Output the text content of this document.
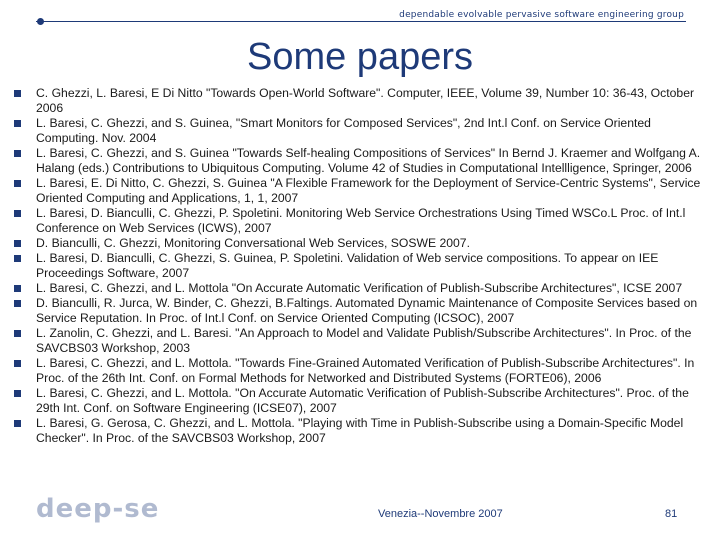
dependable evolvable pervasive software engineering group
Some papers
C. Ghezzi, L. Baresi, E Di Nitto "Towards Open-World Software". Computer, IEEE, Volume 39, Number 10: 36-43, October 2006
L. Baresi, C. Ghezzi, and S. Guinea, "Smart Monitors for Composed Services", 2nd Int.l Conf. on Service Oriented Computing. Nov. 2004
L. Baresi, C. Ghezzi, and S. Guinea "Towards Self-healing Compositions of Services" In Bernd J. Kraemer and Wolfgang A. Halang (eds.) Contributions to Ubiquitous Computing. Volume 42 of Studies in Computational Intellligence, Springer, 2006
L. Baresi, E. Di Nitto, C. Ghezzi, S. Guinea "A Flexible Framework for the Deployment of Service-Centric Systems", Service Oriented Computing and Applications, 1, 1, 2007
L. Baresi, D. Bianculli, C. Ghezzi, P. Spoletini. Monitoring Web Service Orchestrations Using Timed WSCo.L Proc. of Int.l Conference on Web Services (ICWS), 2007
D. Bianculli, C. Ghezzi, Monitoring Conversational Web Services, SOSWE 2007.
L. Baresi, D. Bianculli, C. Ghezzi, S. Guinea, P. Spoletini. Validation of Web service compositions. To appear on IEE Proceedings Software, 2007
L. Baresi, C. Ghezzi, and L. Mottola "On Accurate Automatic Verification of Publish-Subscribe Architectures", ICSE 2007
D. Bianculli, R. Jurca, W. Binder, C. Ghezzi, B.Faltings. Automated Dynamic Maintenance of Composite Services based on Service Reputation. In Proc. of Int.l Conf. on Service Oriented Computing (ICSOC), 2007
L. Zanolin, C. Ghezzi, and L. Baresi. "An Approach to Model and Validate Publish/Subscribe Architectures". In Proc. of the SAVCBS03 Workshop, 2003
L. Baresi, C. Ghezzi, and L. Mottola. "Towards Fine-Grained Automated Verification of Publish-Subscribe Architectures". In Proc. of the 26th Int. Conf. on Formal Methods for Networked and Distributed Systems (FORTE06), 2006
L. Baresi, C. Ghezzi, and L. Mottola. "On Accurate Automatic Verification of Publish-Subscribe Architectures". Proc. of the 29th Int. Conf. on Software Engineering (ICSE07), 2007
L. Baresi, G. Gerosa, C. Ghezzi, and L. Mottola. "Playing with Time in Publish-Subscribe using a Domain-Specific Model Checker". In Proc. of the SAVCBS03 Workshop, 2007
deep-se	Venezia--Novembre 2007	81
